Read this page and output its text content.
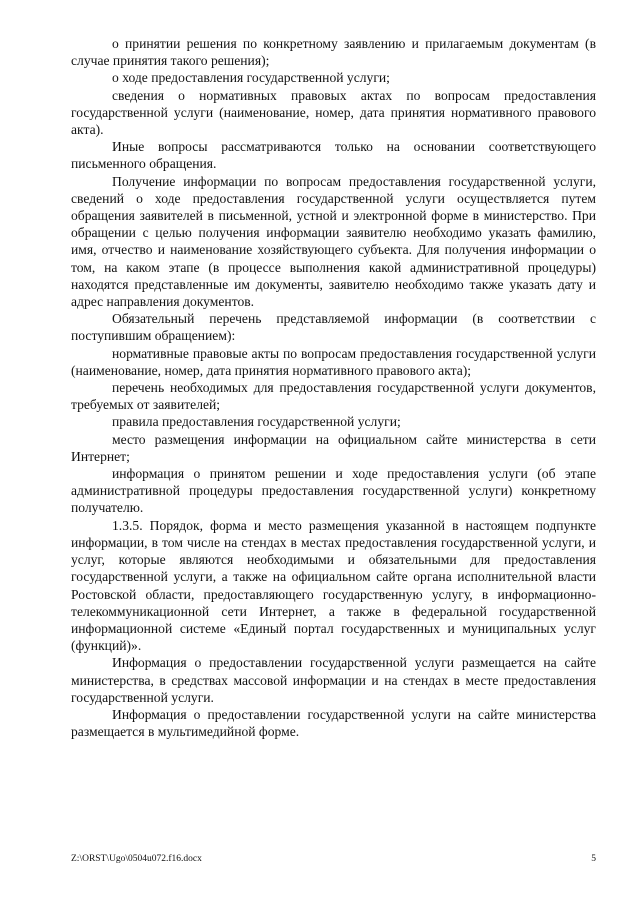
о принятии решения по конкретному заявлению и прилагаемым документам (в случае принятия такого решения);

о ходе предоставления государственной услуги;

сведения о нормативных правовых актах по вопросам предоставления государственной услуги (наименование, номер, дата принятия нормативного правового акта).

Иные вопросы рассматриваются только на основании соответствующего письменного обращения.

Получение информации по вопросам предоставления государственной услуги, сведений о ходе предоставления государственной услуги осуществляется путем обращения заявителей в письменной, устной и электронной форме в министерство. При обращении с целью получения информации заявителю необходимо указать фамилию, имя, отчество и наименование хозяйствующего субъекта. Для получения информации о том, на каком этапе (в процессе выполнения какой административной процедуры) находятся представленные им документы, заявителю необходимо также указать дату и адрес направления документов.

Обязательный перечень представляемой информации (в соответствии с поступившим обращением):

нормативные правовые акты по вопросам предоставления государственной услуги (наименование, номер, дата принятия нормативного правового акта);

перечень необходимых для предоставления государственной услуги документов, требуемых от заявителей;

правила предоставления государственной услуги;

место размещения информации на официальном сайте министерства в сети Интернет;

информация о принятом решении и ходе предоставления услуги (об этапе административной процедуры предоставления государственной услуги) конкретному получателю.

1.3.5. Порядок, форма и место размещения указанной в настоящем подпункте информации, в том числе на стендах в местах предоставления государственной услуги, и услуг, которые являются необходимыми и обязательными для предоставления государственной услуги, а также на официальном сайте органа исполнительной власти Ростовской области, предоставляющего государственную услугу, в информационно-телекоммуникационной сети Интернет, а также в федеральной государственной информационной системе «Единый портал государственных и муниципальных услуг (функций)».

Информация о предоставлении государственной услуги размещается на сайте министерства, в средствах массовой информации и на стендах в месте предоставления государственной услуги.

Информация о предоставлении государственной услуги на сайте министерства размещается в мультимедийной форме.

Z:\ORST\Ugo\0504u072.f16.docx	5
